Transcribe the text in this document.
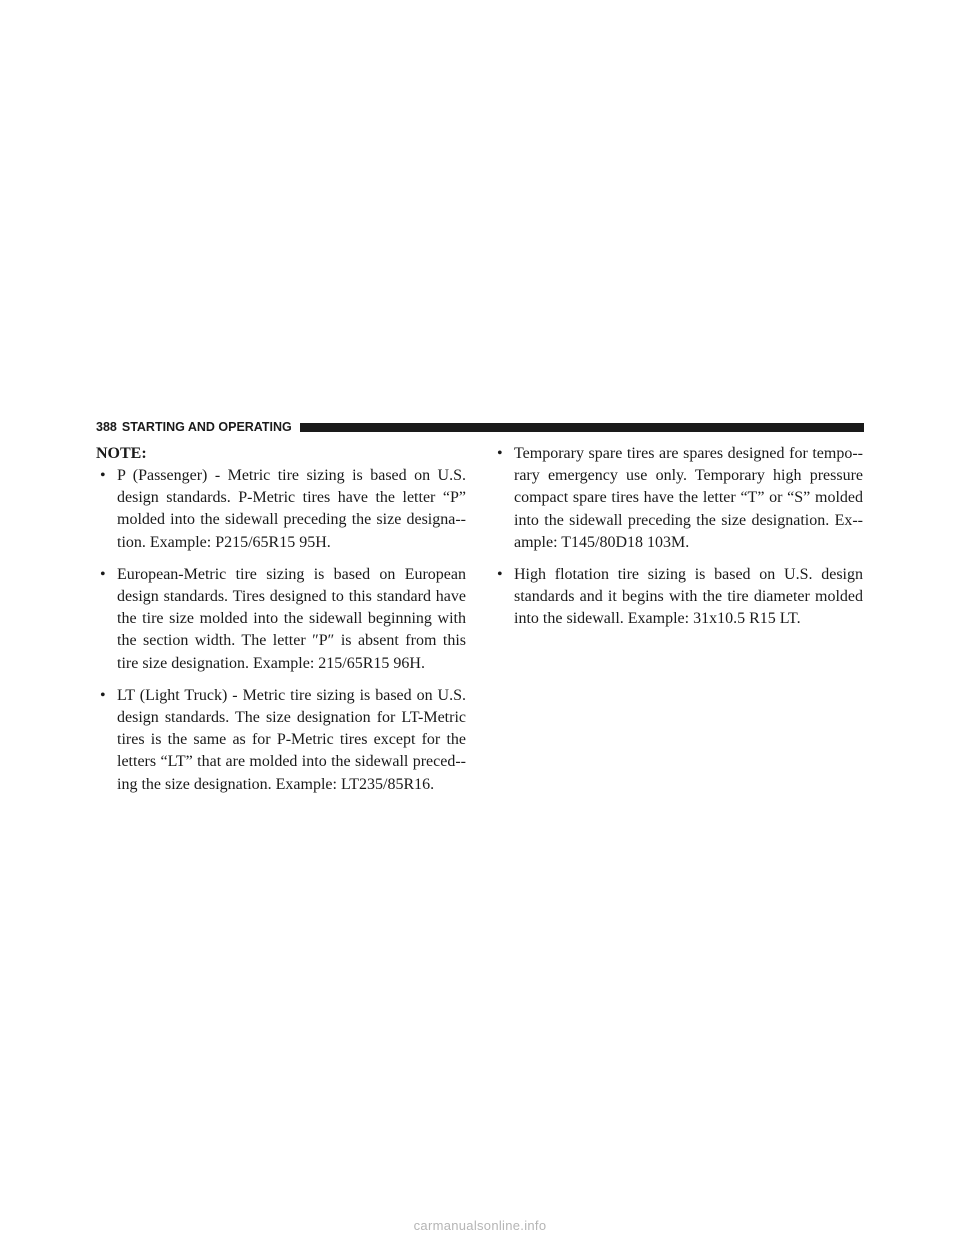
388 STARTING AND OPERATING
NOTE:
• P (Passenger) - Metric tire sizing is based on U.S. design standards. P-Metric tires have the letter “P” molded into the sidewall preceding the size designa-tion. Example: P215/65R15 95H.
• European-Metric tire sizing is based on European design standards. Tires designed to this standard have the tire size molded into the sidewall beginning with the section width. The letter ″P″ is absent from this tire size designation. Example: 215/65R15 96H.
• LT (Light Truck) - Metric tire sizing is based on U.S. design standards. The size designation for LT-Metric tires is the same as for P-Metric tires except for the letters “LT” that are molded into the sidewall preced-ing the size designation. Example: LT235/85R16.
• Temporary spare tires are spares designed for tempo-rary emergency use only. Temporary high pressure compact spare tires have the letter “T” or “S” molded into the sidewall preceding the size designation. Ex-ample: T145/80D18 103M.
• High flotation tire sizing is based on U.S. design standards and it begins with the tire diameter molded into the sidewall. Example: 31x10.5 R15 LT.
carmanualsonline.info
